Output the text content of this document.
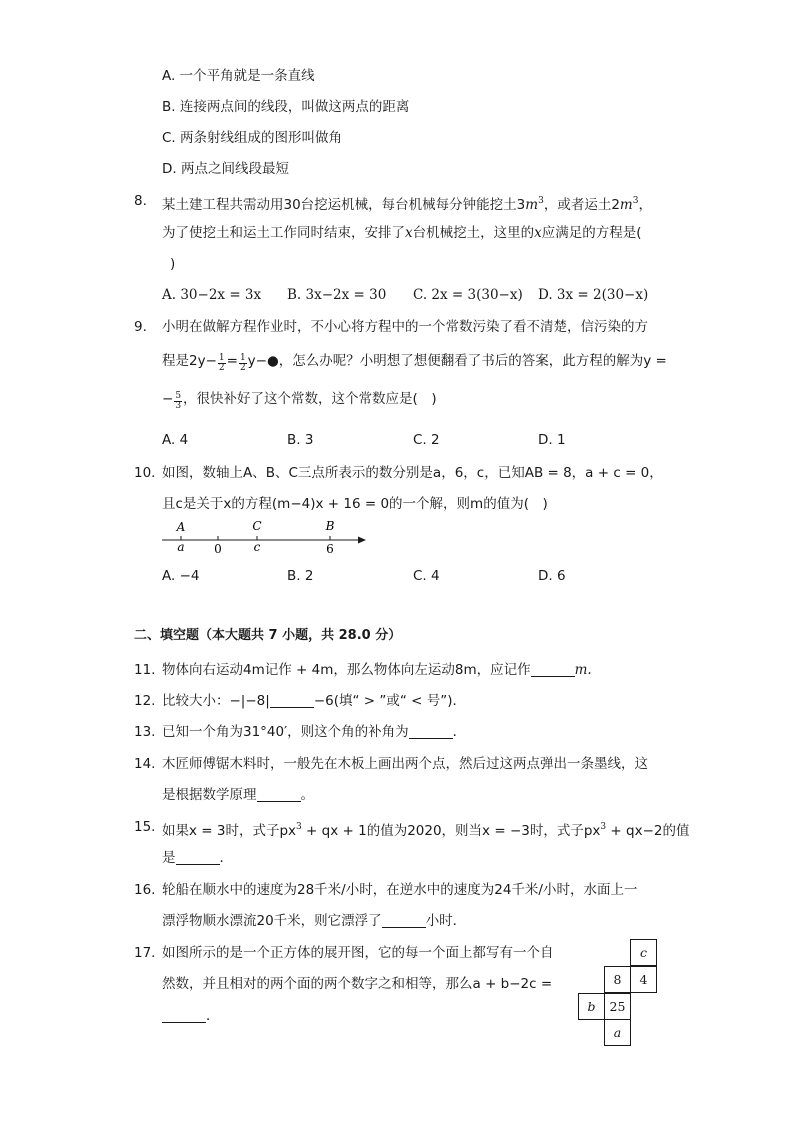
A. 一个平角就是一条直线
B. 连接两点间的线段，叫做这两点的距离
C. 两条射线组成的图形叫做角
D. 两点之间线段最短
8. 某土建工程共需动用30台挖运机械，每台机械每分钟能挖土$3m^3$，或者运土$2m^3$，
为了使挖土和运土工作同时结束，安排了x台机械挖土，这里的x应满足的方程是(
)
A. 30−2x = 3x B. 3x−2x = 30 C. 2x = 3(30−x) D. 3x = 2(30−x)
9. 小明在做解方程作业时，不小心将方程中的一个常数污染了看不清楚，信污染的方
程是$2y- \frac{1}{2} = \frac{1}{2}$ y−●，怎么办呢？小明想了想便翻看了书后的答案，此方程的解为y =
− $\frac{5}{3}$ ，很快补好了这个常数，这个常数应是(　)
A. 4	B. 3	C. 2	D. 1
10. 如图，数轴上A、B、C三点所表示的数分别是a，6，c，已知AB = 8，a + c = 0，
且c是关于x的方程(m−4)x + 16 = 0的一个解，则m的值为(　)
A	C	B
a 0	c	6
A. −4	B. 2	C. 4	D. 6
二、填空题（本大题共 7 小题，共 28.0 分）
11. 物体向右运动4m记作 + 4m，那么物体向左运动8m，应记作	m.
12. 比较大小：−|−8|	−6(填“ > ”或“ < 号”)．
13. 已知一个角为31°40′，则这个角的补角为	．
14. 木匠师傅锯木料时，一般先在木板上画出两个点，然后过这两点弹出一条墨线，这
是根据数学原理	。
15. 如果x = 3时，式子$px^3$ + qx + 1的值为2020，则当x = −3时，式子$px^3 + qx-2$的值
是	．
16. 轮船在顺水中的速度为28千米/小时，在逆水中的速度为24千米/小时，水面上一
漂浮物顺水漂流20千米，则它漂浮了	小时．
17. 如图所示的是一个正方体的展开图，它的每一个面上都写有一个自
然数，并且相对的两个面的两个数字之和相等，那么a + b−2c =
．
c
8	4
b	25
a
